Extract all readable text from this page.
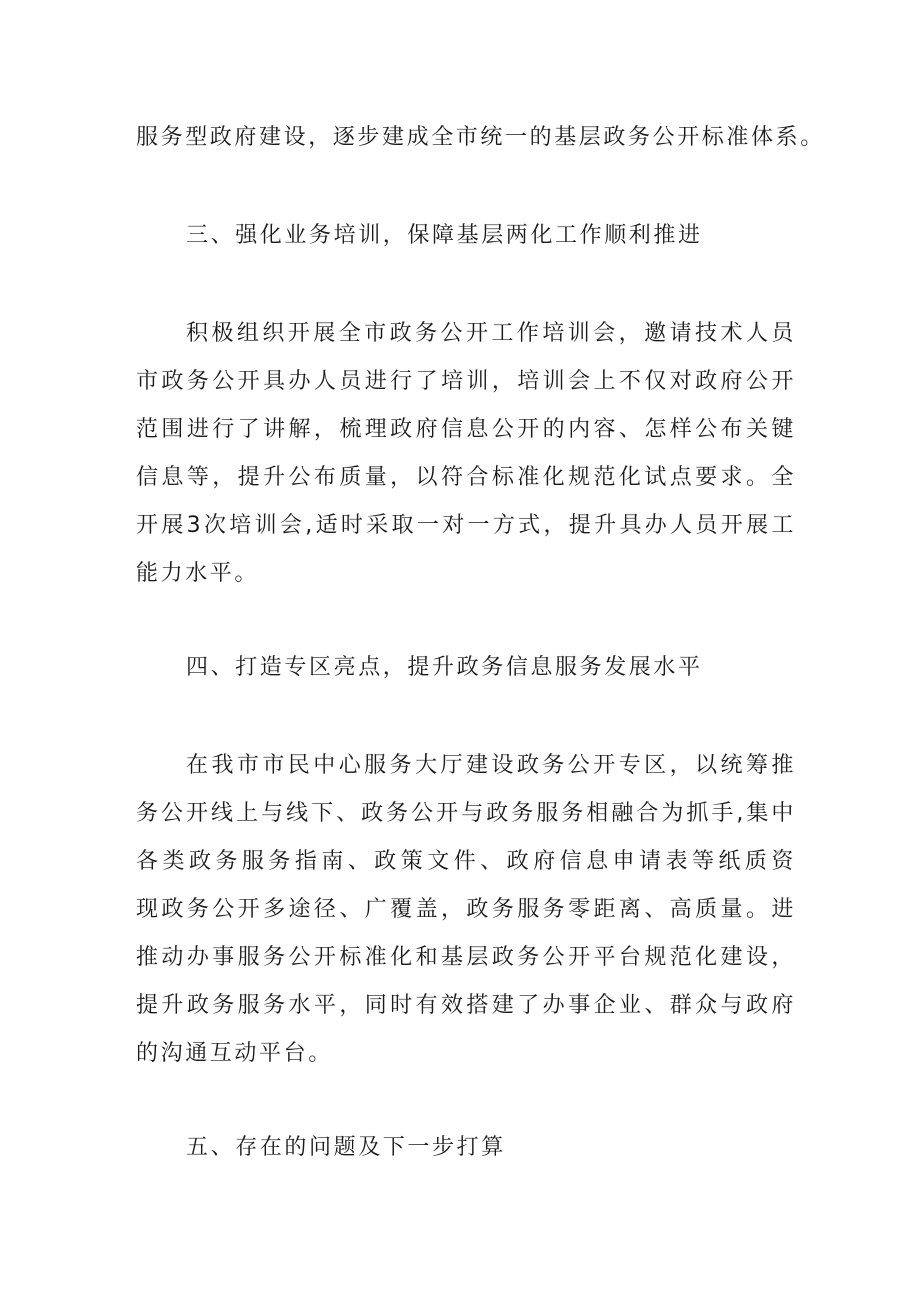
服务型政府建设，逐步建成全市统一的基层政务公开标准体系。
三、强化业务培训，保障基层两化工作顺利推进
积极组织开展全市政务公开工作培训会，邀请技术人员
市政务公开具办人员进行了培训，培训会上不仅对政府公开
范围进行了讲解，梳理政府信息公开的内容、怎样公布关键
信息等，提升公布质量，以符合标准化规范化试点要求。全
开展3次培训会,适时采取一对一方式，提升具办人员开展工
能力水平。
四、打造专区亮点，提升政务信息服务发展水平
在我市市民中心服务大厅建设政务公开专区，以统筹推
务公开线上与线下、政务公开与政务服务相融合为抓手,集中
各类政务服务指南、政策文件、政府信息申请表等纸质资
现政务公开多途径、广覆盖，政务服务零距离、高质量。进
推动办事服务公开标准化和基层政务公开平台规范化建设，
提升政务服务水平，同时有效搭建了办事企业、群众与政府
的沟通互动平台。
五、存在的问题及下一步打算
